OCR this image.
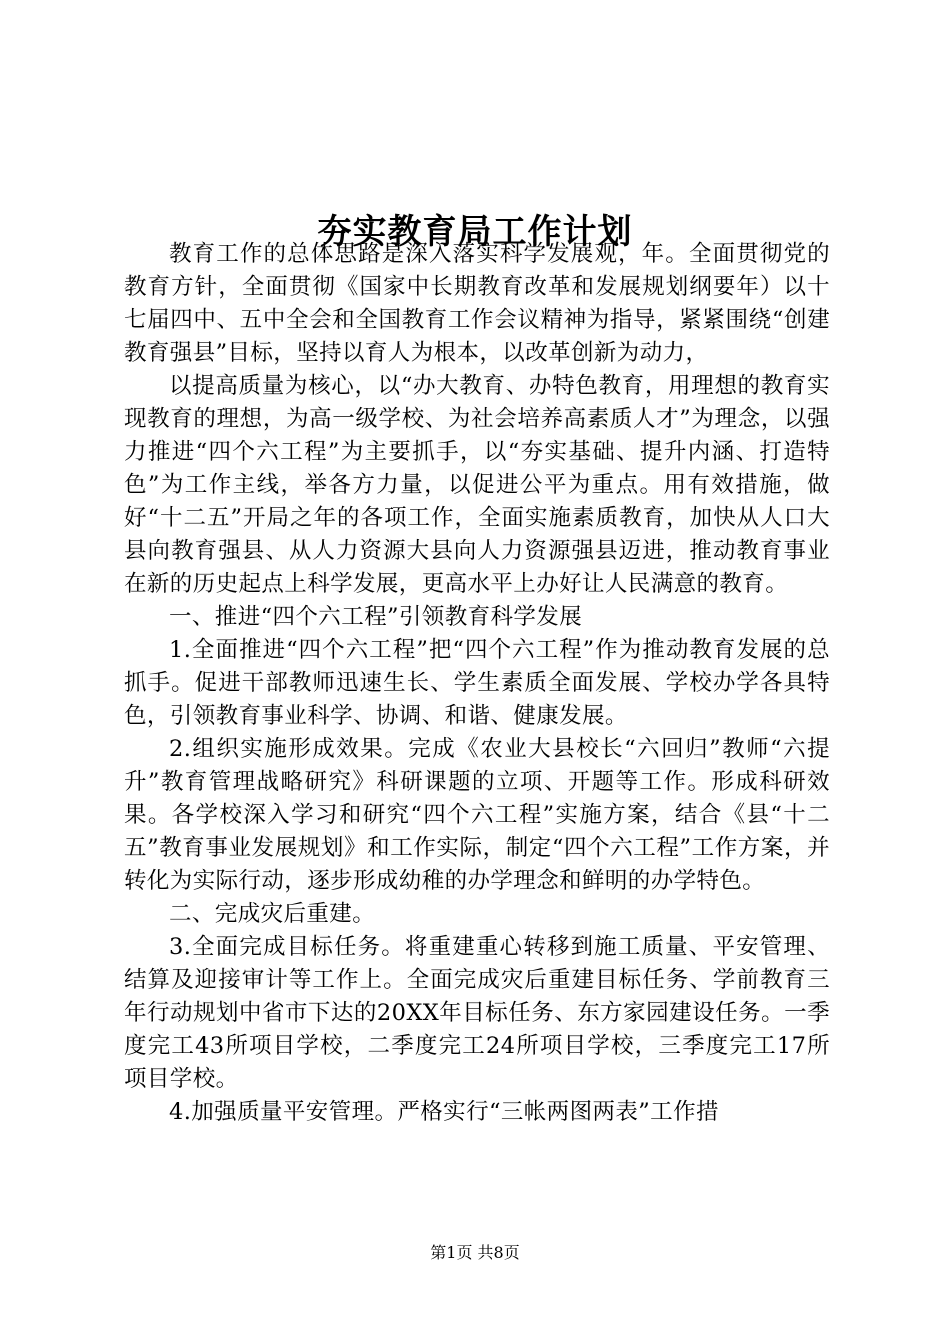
夯实教育局工作计划

教育工作的总体思路是深入落实科学发展观，年。全面贯彻党的教育方针，全面贯彻《国家中长期教育改革和发展规划纲要年）以十七届四中、五中全会和全国教育工作会议精神为指导，紧紧围绕“创建教育强县”目标，坚持以育人为根本，以改革创新为动力，

以提高质量为核心，以“办大教育、办特色教育，用理想的教育实现教育的理想，为高一级学校、为社会培养高素质人才”为理念，以强力推进“四个六工程”为主要抓手，以“夯实基础、提升内涵、打造特色”为工作主线，举各方力量，以促进公平为重点。用有效措施，做好“十二五”开局之年的各项工作，全面实施素质教育，加快从人口大县向教育强县、从人力资源大县向人力资源强县迈进，推动教育事业在新的历史起点上科学发展，更高水平上办好让人民满意的教育。

一、推进“四个六工程”引领教育科学发展

1.全面推进“四个六工程”把“四个六工程”作为推动教育发展的总抓手。促进干部教师迅速生长、学生素质全面发展、学校办学各具特色，引领教育事业科学、协调、和谐、健康发展。

2.组织实施形成效果。完成《农业大县校长“六回归”教师“六提升”教育管理战略研究》科研课题的立项、开题等工作。形成科研效果。各学校深入学习和研究“四个六工程”实施方案，结合《县“十二五”教育事业发展规划》和工作实际，制定“四个六工程”工作方案，并转化为实际行动，逐步形成幼稚的办学理念和鲜明的办学特色。

二、完成灾后重建。

3.全面完成目标任务。将重建重心转移到施工质量、平安管理、结算及迎接审计等工作上。全面完成灾后重建目标任务、学前教育三年行动规划中省市下达的20XX年目标任务、东方家园建设任务。一季度完工43所项目学校，二季度完工24所项目学校，三季度完工17所项目学校。

4.加强质量平安管理。严格实行“三帐两图两表”工作措

第1页 共8页
